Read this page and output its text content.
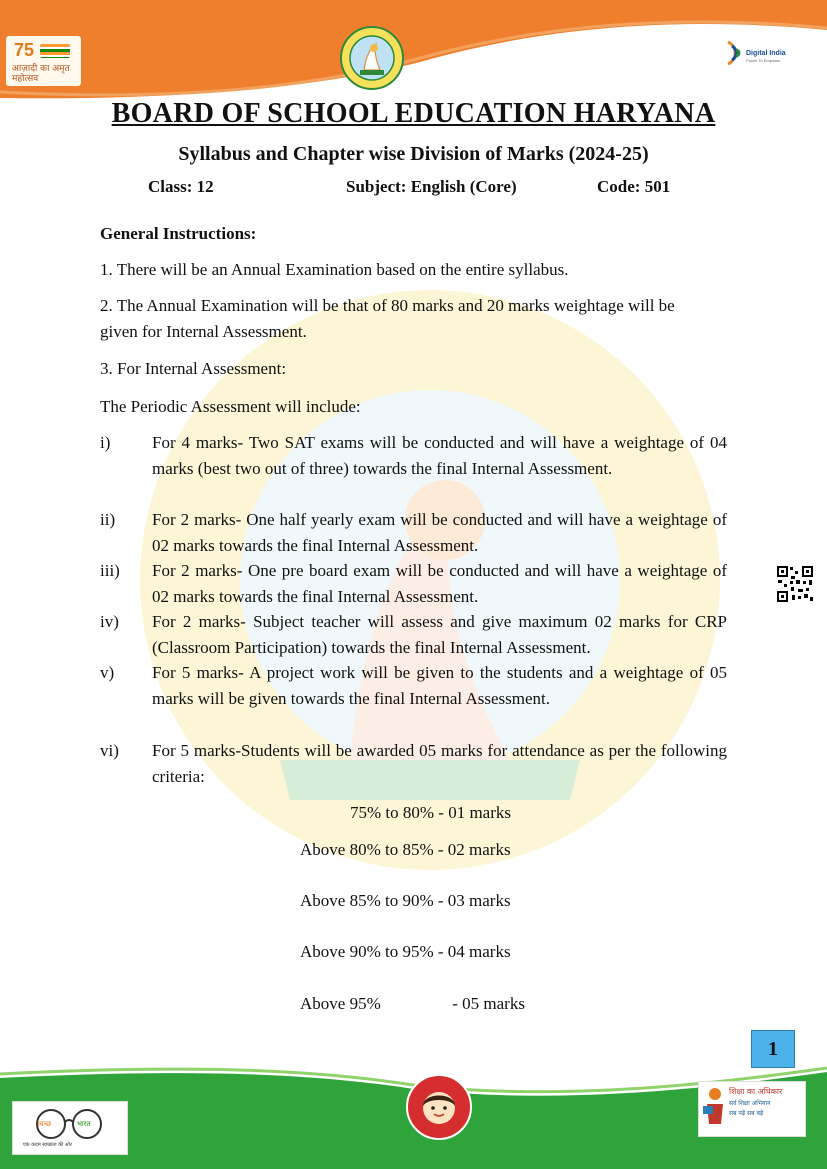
75
आज़ादी का अमृत महोत्सव
Digital India
Power To Empower
BOARD OF SCHOOL EDUCATION HARYANA
Syllabus and Chapter wise Division of Marks (2024-25)
Class: 12	Subject: English (Core)	Code: 501
General Instructions:
1. There will be an Annual Examination based on the entire syllabus.
2. The Annual Examination will be that of 80 marks and 20 marks weightage will be given for Internal Assessment.
3. For Internal Assessment:
The Periodic Assessment will include:
i)	For 4 marks- Two SAT exams will be conducted and will have a weightage of 04 marks (best two out of three) towards the final Internal Assessment.
ii)	For 2 marks- One half yearly exam will be conducted and will have a weightage of 02 marks towards the final Internal Assessment.
iii)	For 2 marks- One pre board exam will be conducted and will have a weightage of 02 marks towards the final Internal Assessment.
iv)	For 2 marks- Subject teacher will assess and give maximum 02 marks for CRP (Classroom Participation) towards the final Internal Assessment.
v)	For 5 marks- A project work will be given to the students and a weightage of 05 marks will be given towards the final Internal Assessment.
vi)	For 5 marks-Students will be awarded 05 marks for attendance as per the following criteria:
75% to 80% - 01 marks
Above 80% to 85% - 02 marks
Above 85% to 90% - 03 marks
Above 90% to 95% - 04 marks
Above 95%	- 05 marks
1
स्वच्छ	भारत
एक कदम स्वच्छता की ओर
शिक्षा का अधिकार
सर्व शिक्षा अभियान
सब पढ़ें सब बढ़ें
